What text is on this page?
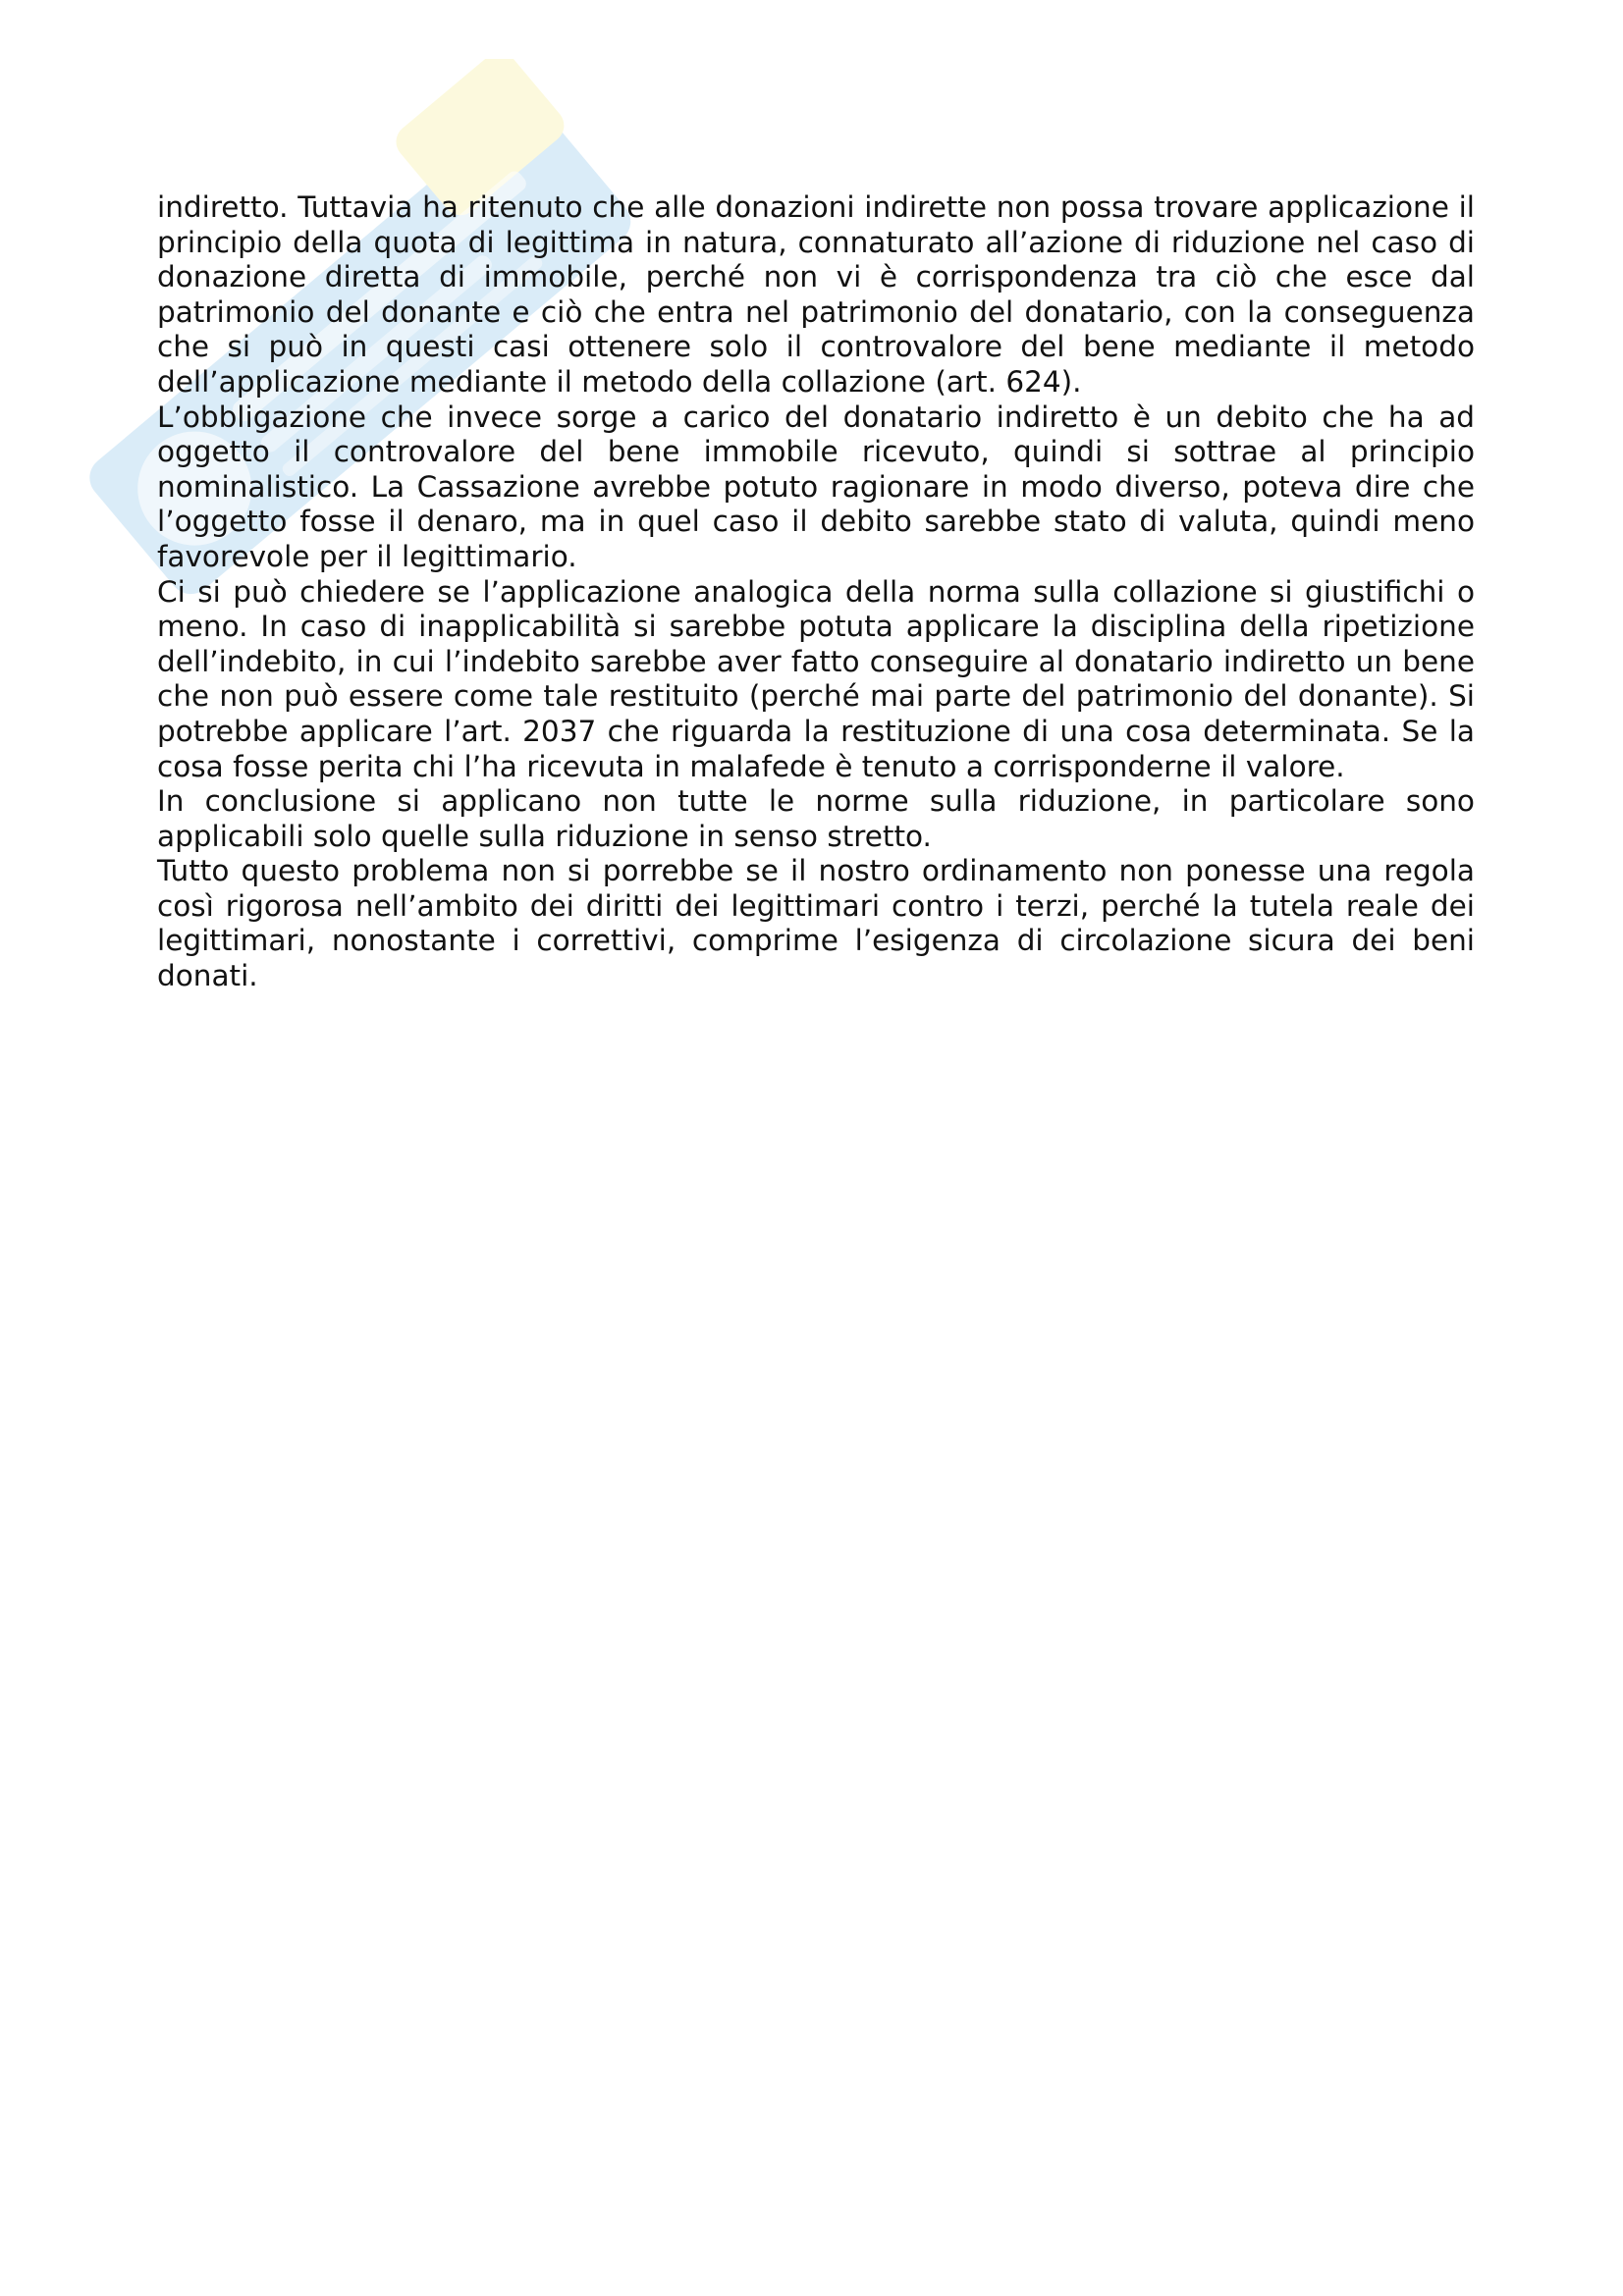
indiretto. Tuttavia ha ritenuto che alle donazioni indirette non possa trovare applicazione il principio della quota di legittima in natura, connaturato all’azione di riduzione nel caso di donazione diretta di immobile, perché non vi è corrispondenza tra ciò che esce dal patrimonio del donante e ciò che entra nel patrimonio del donatario, con la conseguenza che si può in questi casi ottenere solo il controvalore del bene mediante il metodo dell’applicazione mediante il metodo della collazione (art. 624).

L’obbligazione che invece sorge a carico del donatario indiretto è un debito che ha ad oggetto il controvalore del bene immobile ricevuto, quindi si sottrae al principio nominalistico. La Cassazione avrebbe potuto ragionare in modo diverso, poteva dire che l’oggetto fosse il denaro, ma in quel caso il debito sarebbe stato di valuta, quindi meno favorevole per il legittimario.

Ci si può chiedere se l’applicazione analogica della norma sulla collazione si giustifichi o meno. In caso di inapplicabilità si sarebbe potuta applicare la disciplina della ripetizione dell’indebito, in cui l’indebito sarebbe aver fatto conseguire al donatario indiretto un bene che non può essere come tale restituito (perché mai parte del patrimonio del donante). Si potrebbe applicare l’art. 2037 che riguarda la restituzione di una cosa determinata. Se la cosa fosse perita chi l’ha ricevuta in malafede è tenuto a corrisponderne il valore.

In conclusione si applicano non tutte le norme sulla riduzione, in particolare sono applicabili solo quelle sulla riduzione in senso stretto.

Tutto questo problema non si porrebbe se il nostro ordinamento non ponesse una regola così rigorosa nell’ambito dei diritti dei legittimari contro i terzi, perché la tutela reale dei legittimari, nonostante i correttivi, comprime l’esigenza di circolazione sicura dei beni donati.
